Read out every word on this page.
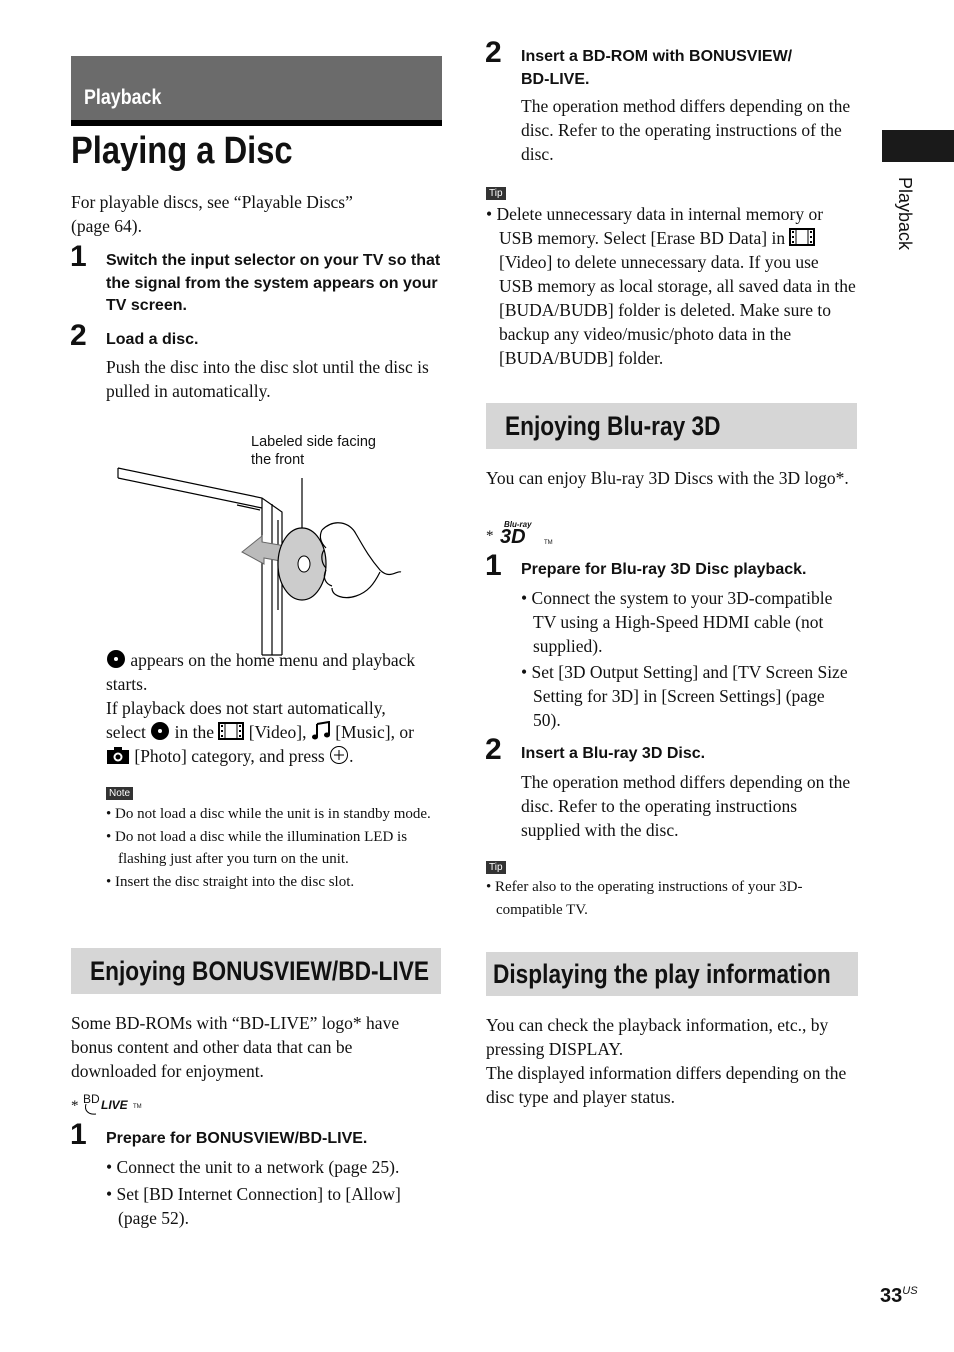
Playback
Playing a Disc

For playable discs, see “Playable Discs”

(page 64).

1 Switch the input selector on your TV so that the signal from the system appears on your TV screen.
2 Load a disc.
Push the disc into the disc slot until the disc is pulled in automatically.

Labeled side facing

the front

appears on the home menu and playback starts.

If playback does not start automatically,

select in the [Video], [Music], or

[Photo] category, and press .

Note

• Do not load a disc while the unit is in standby mode.

• Do not load a disc while the illumination LED is flashing just after you turn on the unit.

• Insert the disc straight into the disc slot.

Enjoying BONUSVIEW/BD-LIVE
Some BD-ROMs with “BD-LIVE” logo* have bonus content and other data that can be downloaded for enjoyment.
* BD LIVE TM
1 Prepare for BONUSVIEW/BD-LIVE.

• Connect the unit to a network (page 25).

• Set [BD Internet Connection] to [Allow] (page 52).

2 Insert a BD-ROM with BONUSVIEW/

BD-LIVE.

The operation method differs depending on the disc. Refer to the operating instructions of the disc.
Tip

• Delete unnecessary data in internal memory or USB memory. Select [Erase BD Data] in  [Video] to delete unnecessary data. If you use USB memory as local storage, all saved data in the [BUDA/BUDB] folder is deleted. Make sure to backup any video/music/photo data in the [BUDA/BUDB] folder.

Enjoying Blu-ray 3D
You can enjoy Blu-ray 3D Discs with the 3D logo*.
*
Blu-ray
3D	TM
1 Prepare for Blu-ray 3D Disc playback.

• Connect the system to your 3D-compatible TV using a High-Speed HDMI cable (not supplied).

• Set [3D Output Setting] and [TV Screen Size Setting for 3D] in [Screen Settings] (page 50).

2 Insert a Blu-ray 3D Disc.
The operation method differs depending on the disc. Refer to the operating instructions supplied with the disc.
Tip

• Refer also to the operating instructions of your 3D-compatible TV.

Displaying the play information

You can check the playback information, etc., by pressing DISPLAY.

The displayed information differs depending on the disc type and player status.

Playback
$33^{US}$
